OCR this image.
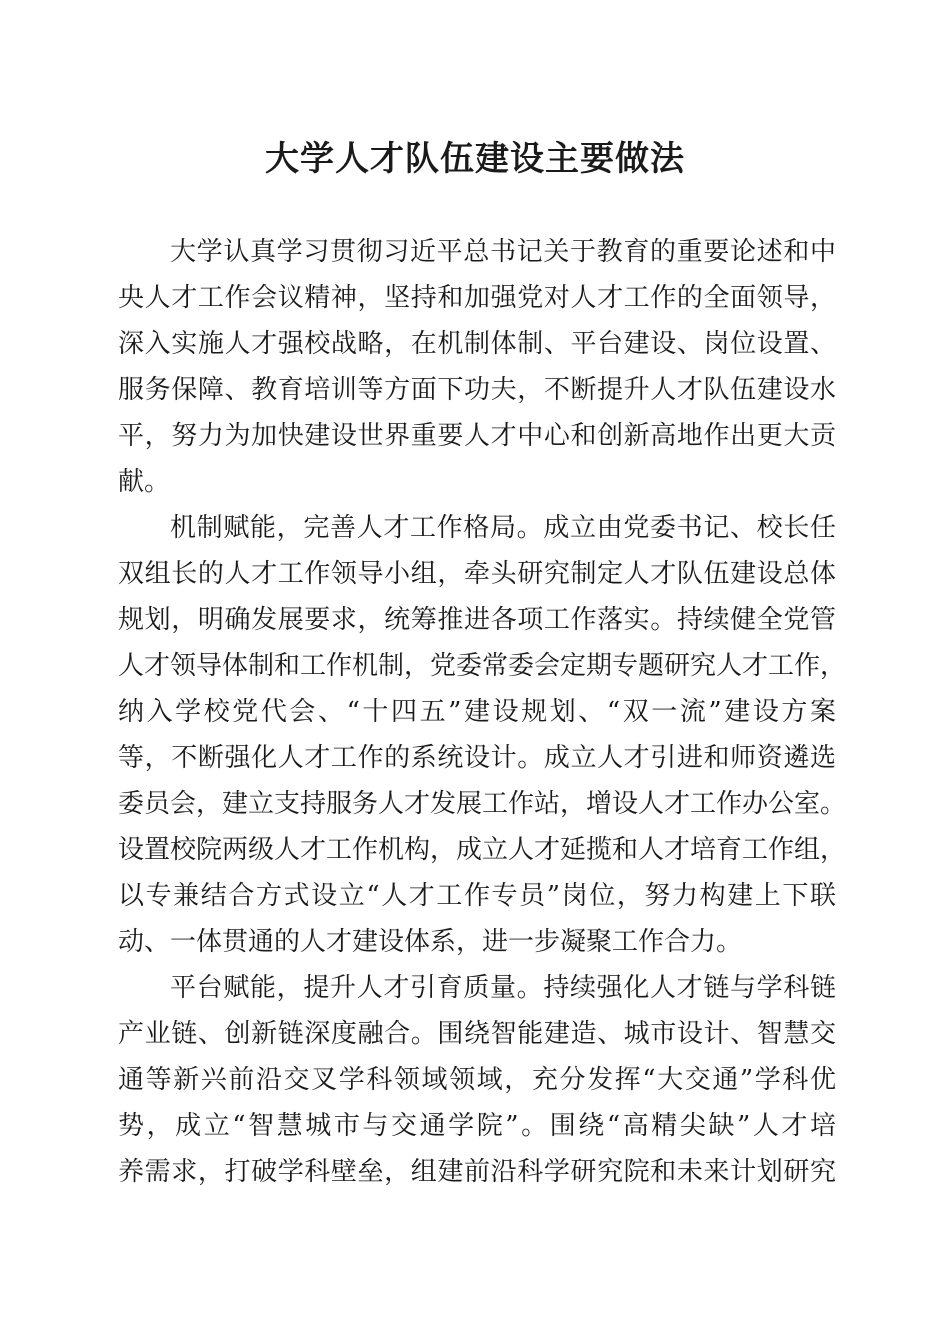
大学人才队伍建设主要做法
大学认真学习贯彻习近平总书记关于教育的重要论述和中
央人才工作会议精神，坚持和加强党对人才工作的全面领导，
深入实施人才强校战略，在机制体制、平台建设、岗位设置、
服务保障、教育培训等方面下功夫，不断提升人才队伍建设水
平，努力为加快建设世界重要人才中心和创新高地作出更大贡
献。
机制赋能，完善人才工作格局。成立由党委书记、校长任
双组长的人才工作领导小组，牵头研究制定人才队伍建设总体
规划，明确发展要求，统筹推进各项工作落实。持续健全党管
人才领导体制和工作机制，党委常委会定期专题研究人才工作，
纳入学校党代会、“十四五”建设规划、“双一流”建设方案
等，不断强化人才工作的系统设计。成立人才引进和师资遴选
委员会，建立支持服务人才发展工作站，增设人才工作办公室。
设置校院两级人才工作机构，成立人才延揽和人才培育工作组，
以专兼结合方式设立“人才工作专员”岗位，努力构建上下联
动、一体贯通的人才建设体系，进一步凝聚工作合力。
平台赋能，提升人才引育质量。持续强化人才链与学科链
产业链、创新链深度融合。围绕智能建造、城市设计、智慧交
通等新兴前沿交叉学科领域领域，充分发挥“大交通”学科优
势，成立“智慧城市与交通学院”。围绕“高精尖缺”人才培
养需求，打破学科壁垒，组建前沿科学研究院和未来计划研究
